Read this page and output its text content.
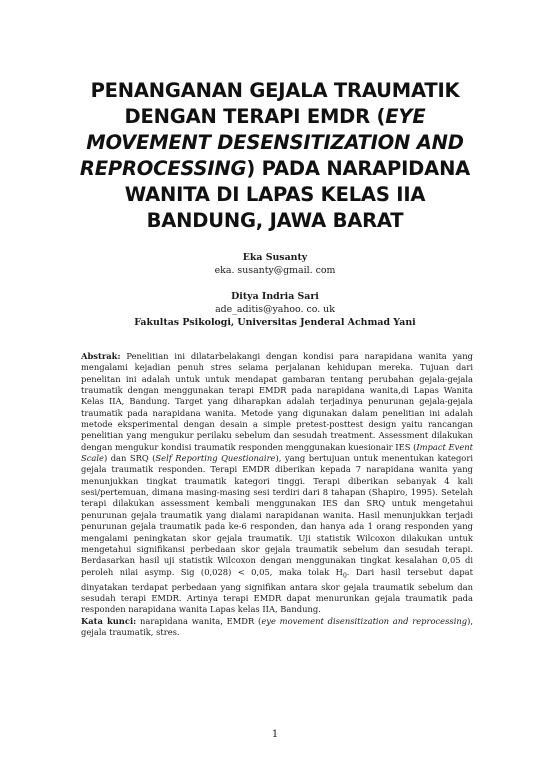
PENANGANAN GEJALA TRAUMATIK
DENGAN TERAPI EMDR (EYE
MOVEMENT DESENSITIZATION AND
REPROCESSING) PADA NARAPIDANA
WANITA DI LAPAS KELAS IIA
BANDUNG, JAWA BARAT
Eka Susanty
eka. susanty@gmail. com
Ditya Indria Sari
ade_aditis@yahoo. co. uk
Fakultas Psikologi, Universitas Jenderal Achmad Yani

Abstrak: Penelitian ini dilatarbelakangi dengan kondisi para narapidana wanita yang mengalami kejadian penuh stres selama perjalanan kehidupan mereka. Tujuan dari penelitan ini adalah untuk untuk mendapat gambaran tentang perubahan gejala-gejala traumatik dengan menggunakan terapi EMDR pada narapidana wanita,di Lapas Wanita Kelas IIA, Bandung. Target yang diharapkan adalah terjadinya penurunan gejala-gejala traumatik pada narapidana wanita. Metode yang digunakan dalam penelitian ini adalah metode eksperimental dengan desain a simple pretest-posttest design yaitu rancangan penelitian yang mengukur perilaku sebelum dan sesudah treatment. Assessment dilakukan dengan mengukur kondisi traumatik responden menggunakan kuesionair IES (Impact Event Scale) dan SRQ (Self Reporting Questionaire), yang bertujuan untuk menentukan kategori gejala traumatik responden. Terapi EMDR diberikan kepada 7 narapidana wanita yang menunjukkan tingkat traumatik kategori tinggi. Terapi diberikan sebanyak 4 kali sesi/pertemuan, dimana masing-masing sesi terdiri dari 8 tahapan (Shapiro, 1995). Setelah terapi dilakukan assessment kembali menggunakan IES dan SRQ untuk mengetahui penurunan gejala traumatik yang dialami narapidanan wanita. Hasil menunjukkan terjadi penurunan gejala traumatik pada ke-6 responden, dan hanya ada 1 orang responden yang mengalami peningkatan skor gejala traumatik. Uji statistik Wilcoxon dilakukan untuk mengetahui signifikansi perbedaan skor gejala traumatik sebelum dan sesudah terapi. Berdasarkan hasil uji statistik Wilcoxon dengan menggunakan tingkat kesalahan 0,05 di peroleh nilai asymp. Sig (0,028) < 0,05, maka tolak $H_0$. Dari hasil tersebut dapat dinyatakan terdapat perbedaan yang signifikan antara skor gejala traumatik sebelum dan sesudah terapi EMDR. Artinya terapi EMDR dapat menurunkan gejala traumatik pada responden narapidana wanita Lapas kelas IIA, Bandung.

Kata kunci: narapidana wanita, EMDR (eye movement disensitization and reprocessing), gejala traumatik, stres.

1
